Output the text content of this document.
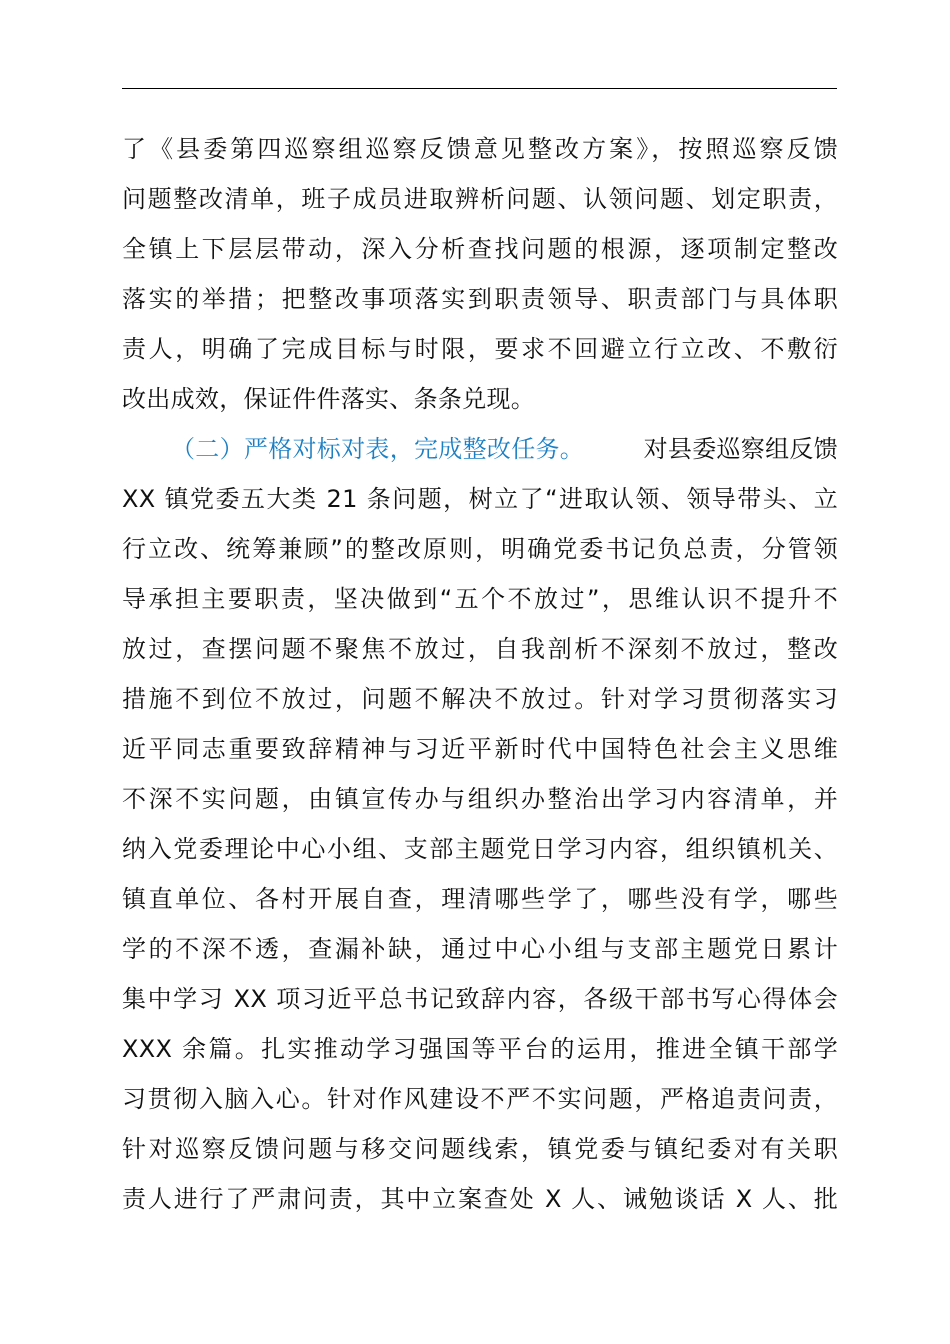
了《县委第四巡察组巡察反馈意见整改方案》，按照巡察反馈
问题整改清单，班子成员进取辨析问题、认领问题、划定职责，
全镇上下层层带动，深入分析查找问题的根源，逐项制定整改
落实的举措；把整改事项落实到职责领导、职责部门与具体职
责人，明确了完成目标与时限，要求不回避立行立改、不敷衍
改出成效，保证件件落实、条条兑现。
（二）严格对标对表，完成整改任务。 对县委巡察组反馈
XX 镇党委五大类 21 条问题，树立了“进取认领、领导带头、立
行立改、统筹兼顾”的整改原则，明确党委书记负总责，分管领
导承担主要职责，坚决做到“五个不放过”，思维认识不提升不
放过，查摆问题不聚焦不放过，自我剖析不深刻不放过，整改
措施不到位不放过，问题不解决不放过。针对学习贯彻落实习
近平同志重要致辞精神与习近平新时代中国特色社会主义思维
不深不实问题，由镇宣传办与组织办整治出学习内容清单，并
纳入党委理论中心小组、支部主题党日学习内容，组织镇机关、
镇直单位、各村开展自查，理清哪些学了，哪些没有学，哪些
学的不深不透，查漏补缺，通过中心小组与支部主题党日累计
集中学习 XX 项习近平总书记致辞内容，各级干部书写心得体会
XXX 余篇。扎实推动学习强国等平台的运用，推进全镇干部学
习贯彻入脑入心。针对作风建设不严不实问题，严格追责问责，
针对巡察反馈问题与移交问题线索，镇党委与镇纪委对有关职
责人进行了严肃问责，其中立案查处 X 人、诫勉谈话 X 人、批
